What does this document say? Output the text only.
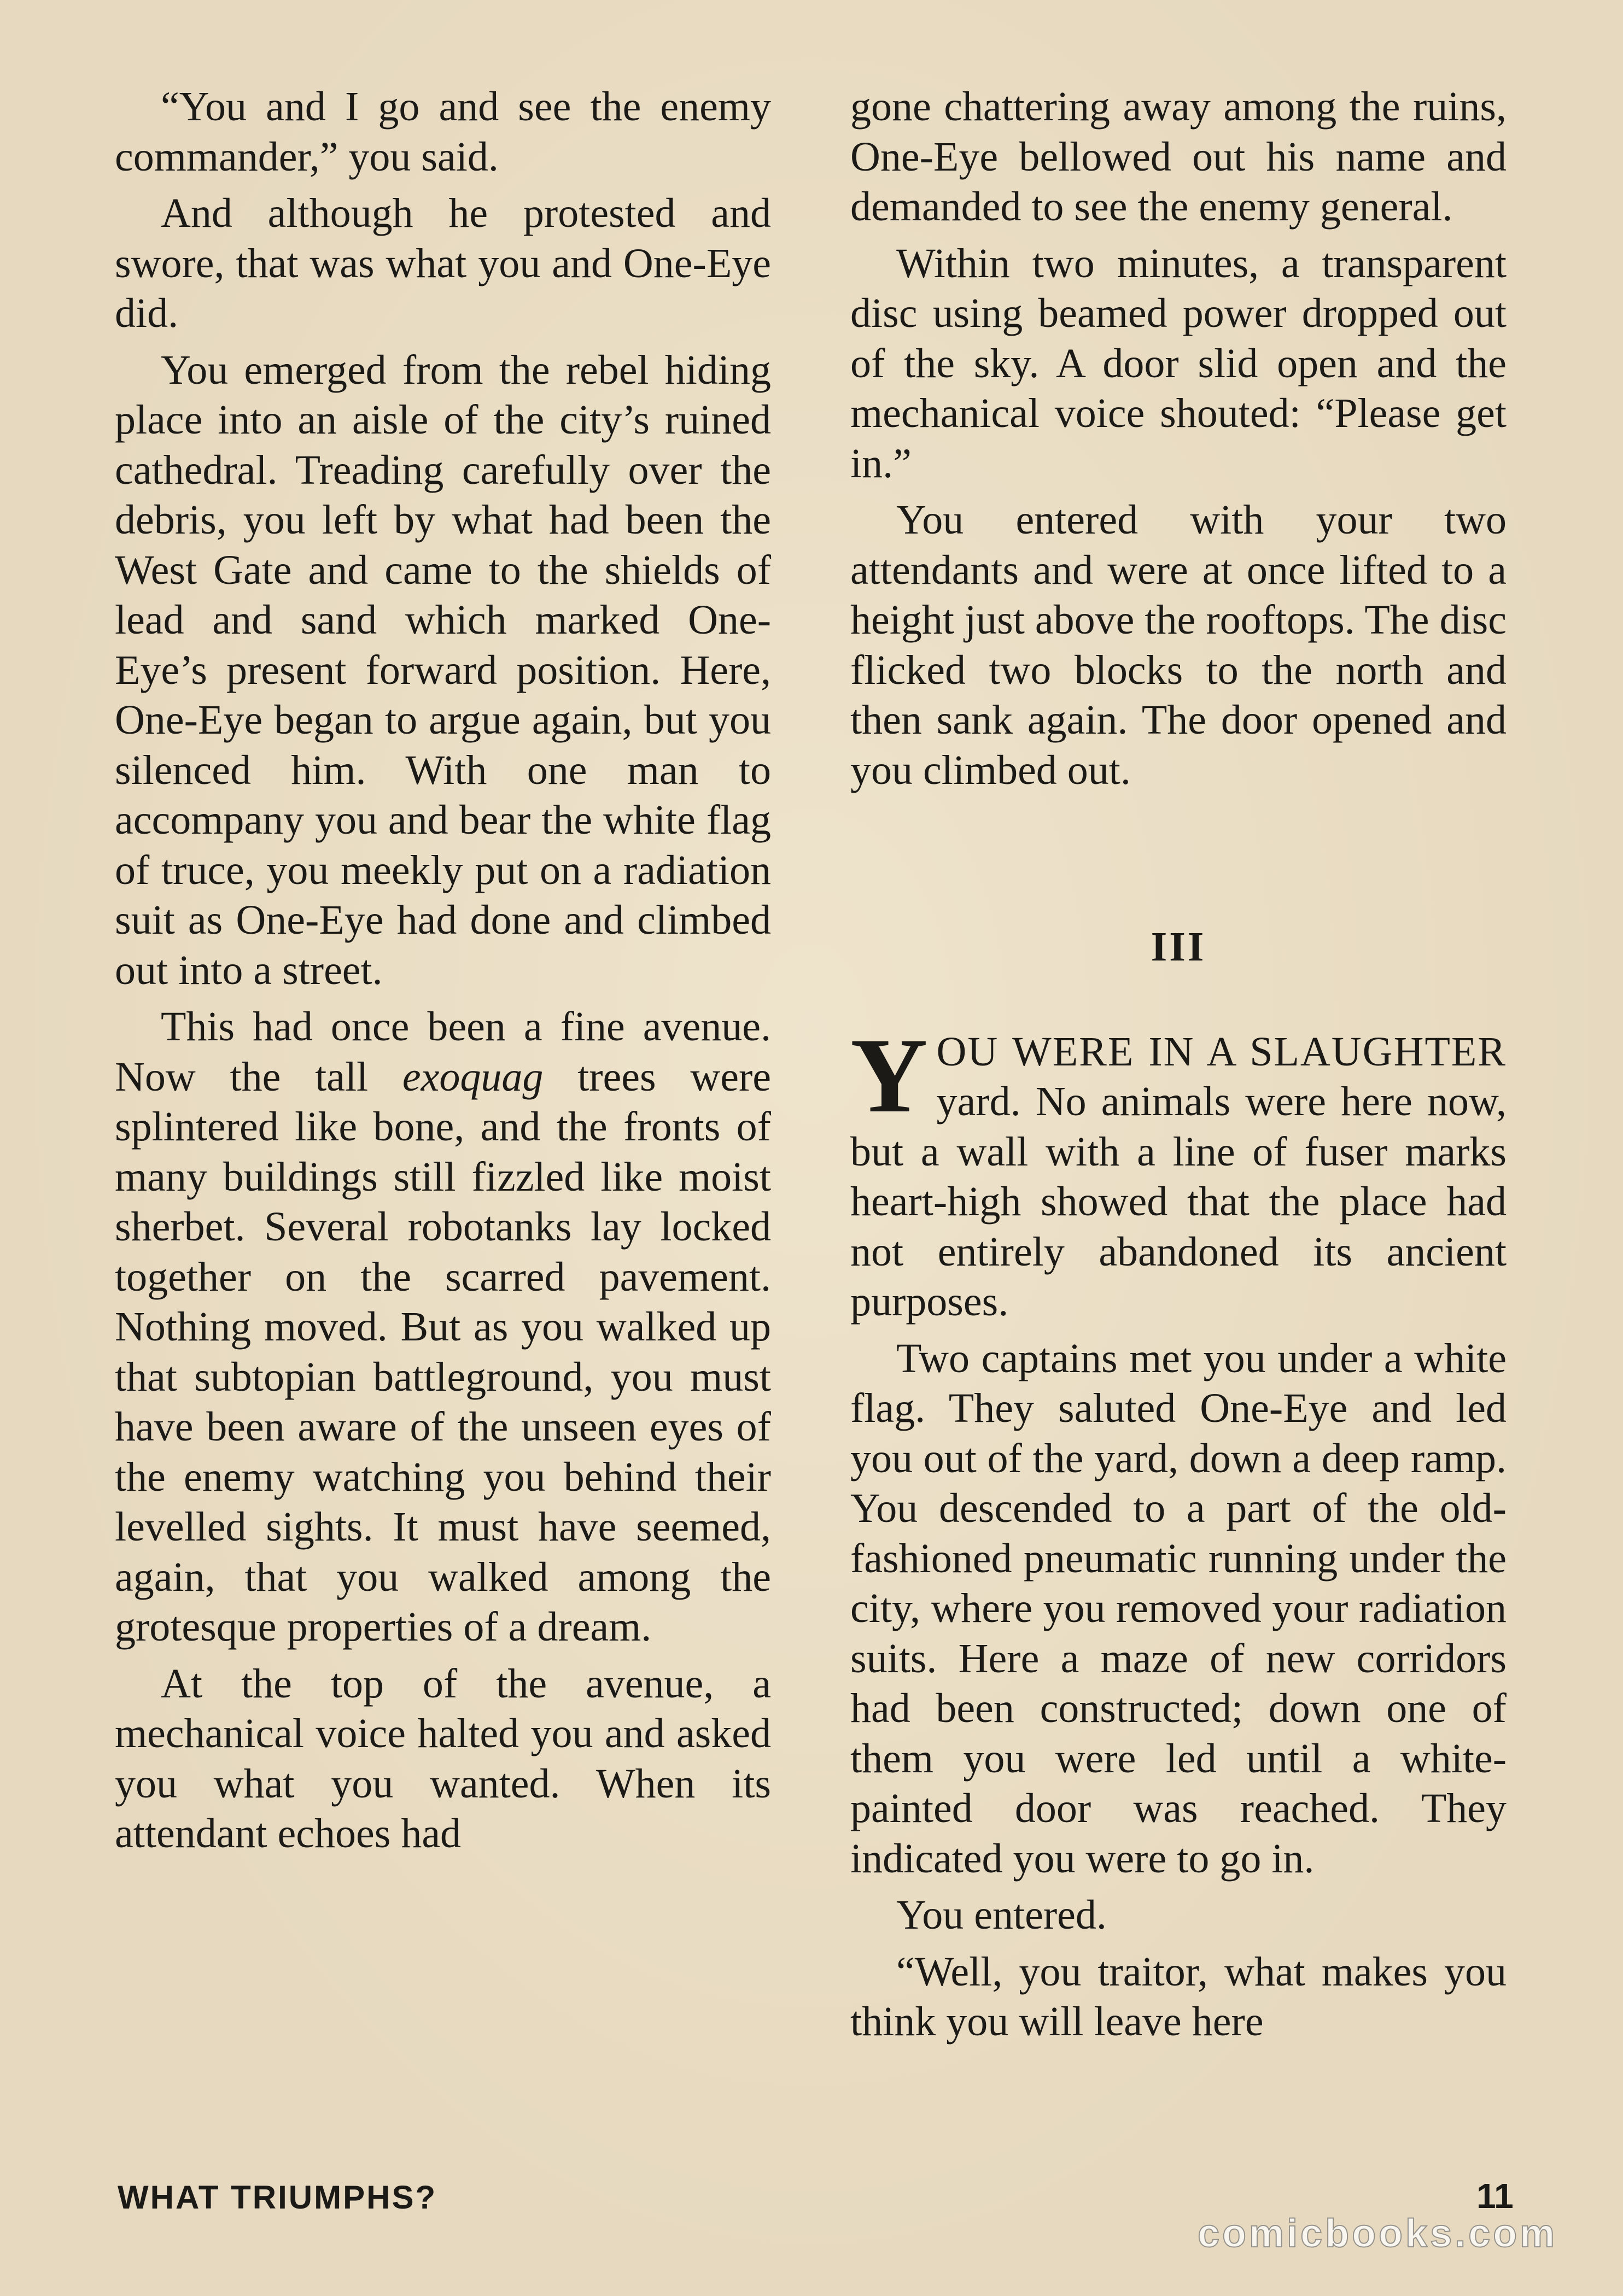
“You and I go and see the enemy commander,” you said.

And although he protested and swore, that was what you and One-Eye did.

You emerged from the rebel hiding place into an aisle of the city’s ruined cathedral. Treading carefully over the debris, you left by what had been the West Gate and came to the shields of lead and sand which marked One-Eye’s present forward position. Here, One-Eye began to argue again, but you silenced him. With one man to accompany you and bear the white flag of truce, you meekly put on a radiation suit as One-Eye had done and climbed out into a street.

This had once been a fine avenue. Now the tall exoquag trees were splintered like bone, and the fronts of many buildings still fizzled like moist sherbet. Several robotanks lay locked together on the scarred pavement. Nothing moved. But as you walked up that subtopian battleground, you must have been aware of the unseen eyes of the enemy watching you behind their levelled sights. It must have seemed, again, that you walked among the grotesque properties of a dream.

At the top of the avenue, a mechanical voice halted you and asked you what you wanted. When its attendant echoes had

gone chattering away among the ruins, One-Eye bellowed out his name and demanded to see the enemy general.

Within two minutes, a transparent disc using beamed power dropped out of the sky. A door slid open and the mechanical voice shouted: “Please get in.”

You entered with your two attendants and were at once lifted to a height just above the rooftops. The disc flicked two blocks to the north and then sank again. The door opened and you climbed out.

III

YOU WERE IN A SLAUGHTER yard. No animals were here now, but a wall with a line of fuser marks heart-high showed that the place had not entirely abandoned its ancient purposes.

Two captains met you under a white flag. They saluted One-Eye and led you out of the yard, down a deep ramp. You descended to a part of the old-fashioned pneumatic running under the city, where you removed your radiation suits. Here a maze of new corridors had been constructed; down one of them you were led until a white-painted door was reached. They indicated you were to go in.

You entered.

“Well, you traitor, what makes you think you will leave here

WHAT TRIUMPHS?	11
comicbooks.com
